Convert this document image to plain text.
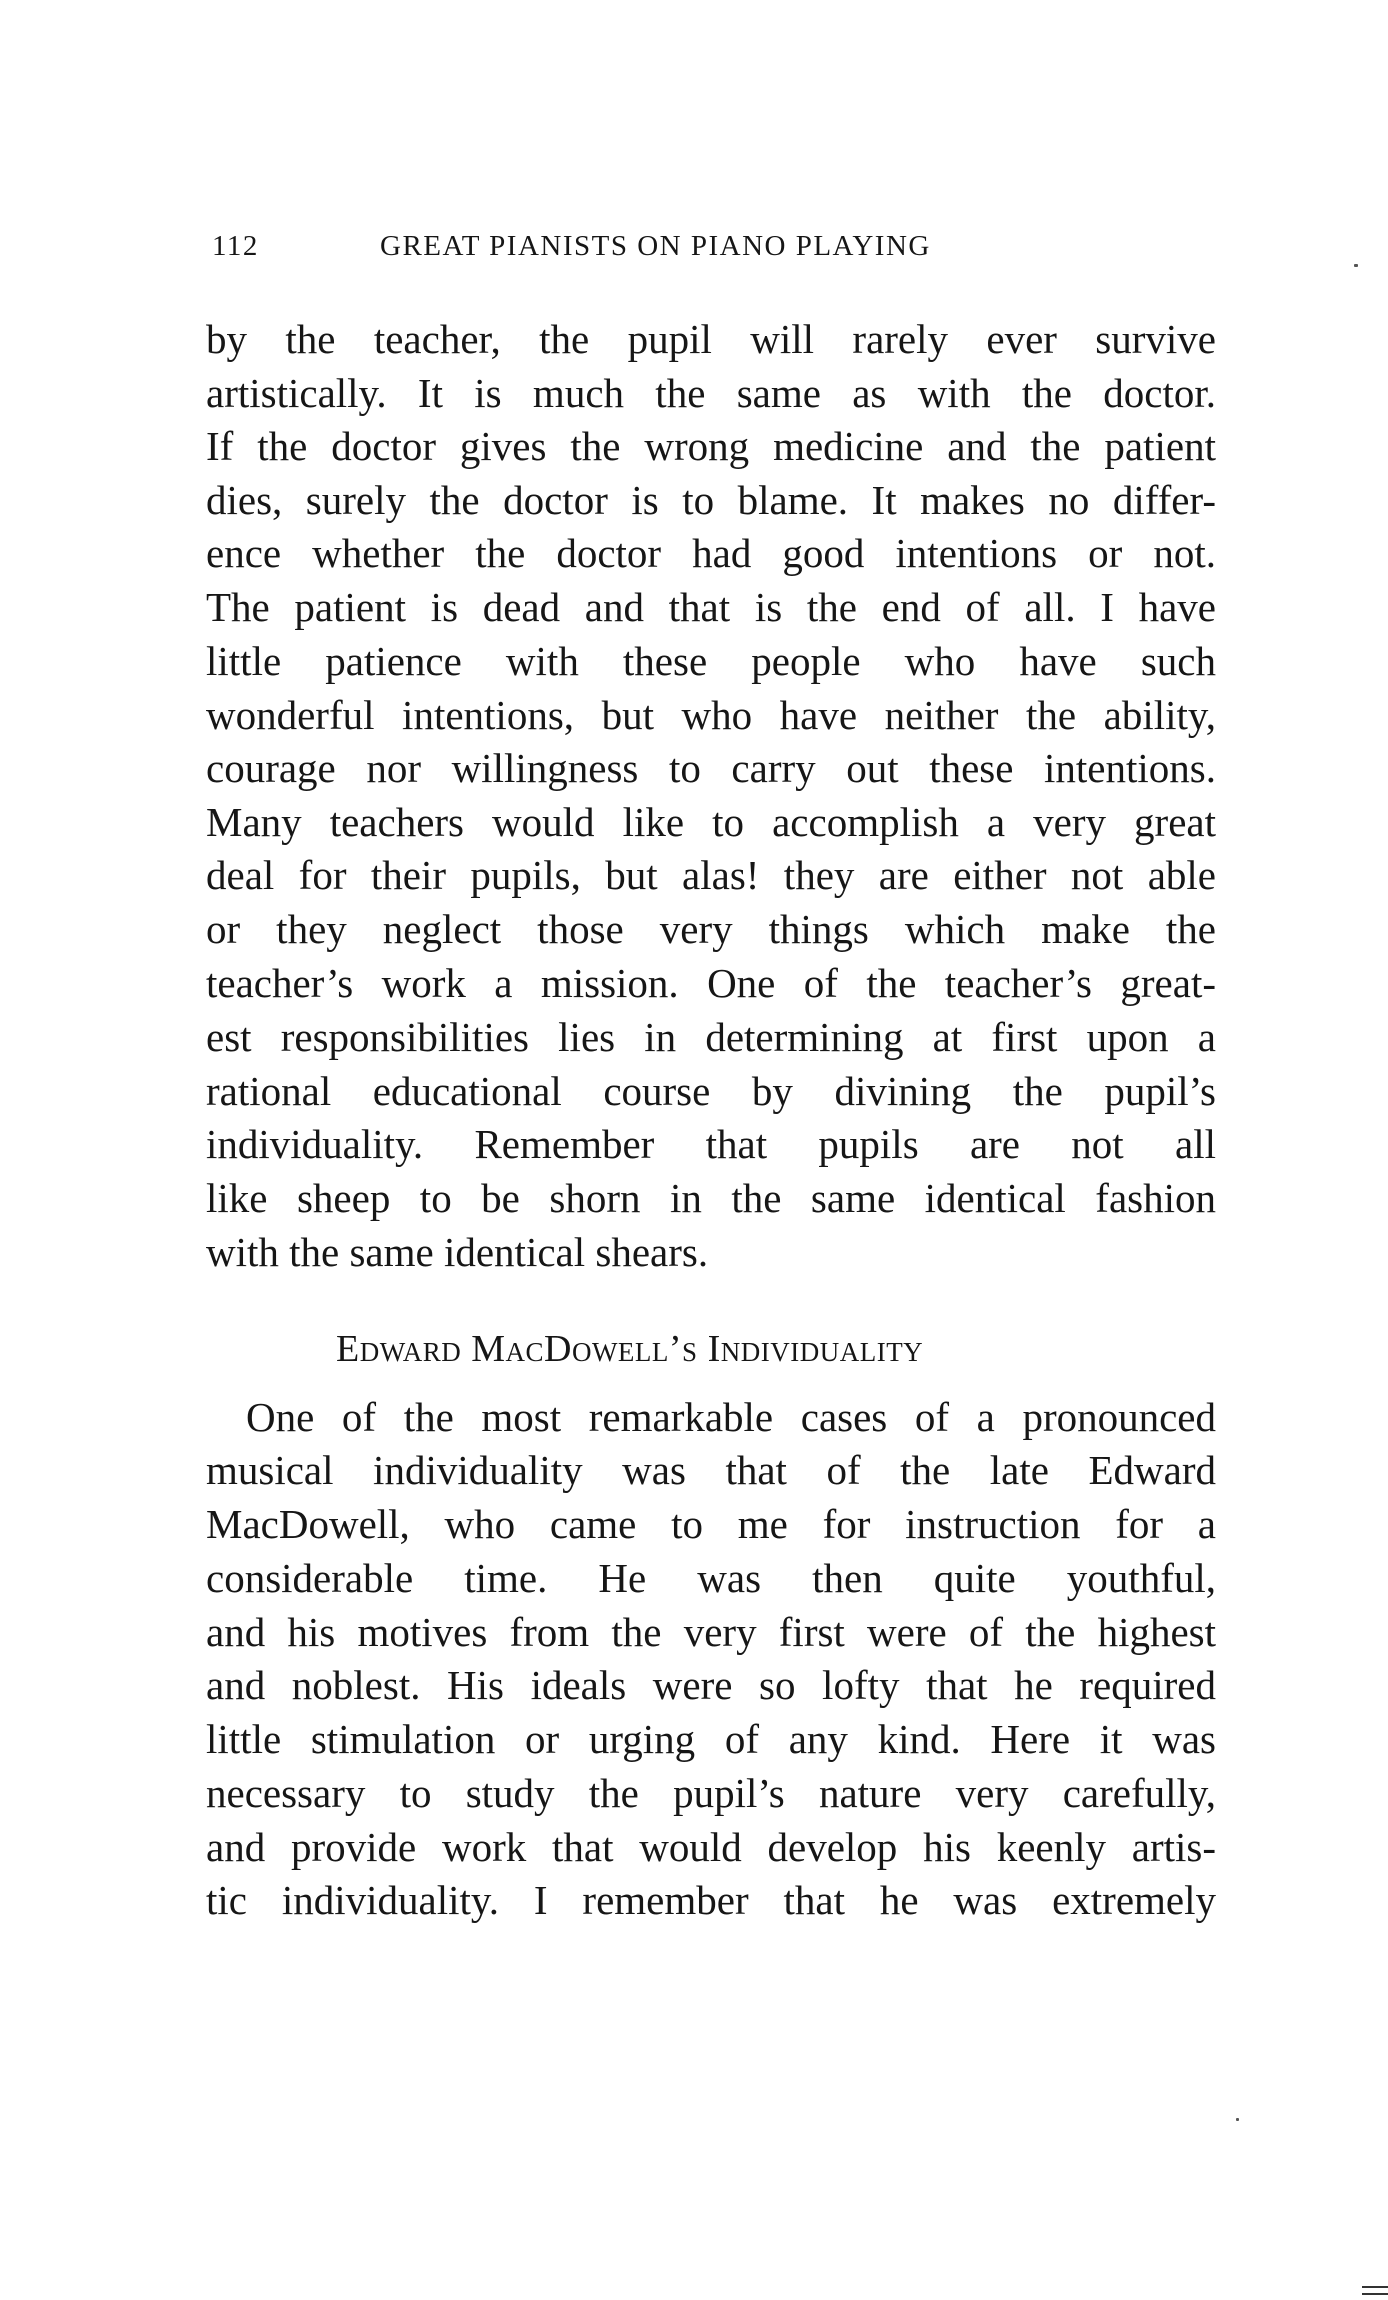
112	GREAT PIANISTS ON PIANO PLAYING
by the teacher, the pupil will rarely ever survive
artistically. It is much the same as with the doctor.
If the doctor gives the wrong medicine and the patient
dies, surely the doctor is to blame. It makes no differ-
ence whether the doctor had good intentions or not.
The patient is dead and that is the end of all. I have
little patience with these people who have such
wonderful intentions, but who have neither the ability,
courage nor willingness to carry out these intentions.
Many teachers would like to accomplish a very great
deal for their pupils, but alas! they are either not able
or they neglect those very things which make the
teacher’s work a mission. One of the teacher’s great-
est responsibilities lies in determining at first upon a
rational educational course by divining the pupil’s
individuality. Remember that pupils are not all
like sheep to be shorn in the same identical fashion
with the same identical shears.
Edward MacDowell’s Individuality
One of the most remarkable cases of a pronounced
musical individuality was that of the late Edward
MacDowell, who came to me for instruction for a
considerable time. He was then quite youthful,
and his motives from the very first were of the highest
and noblest. His ideals were so lofty that he required
little stimulation or urging of any kind. Here it was
necessary to study the pupil’s nature very carefully,
and provide work that would develop his keenly artis-
tic individuality. I remember that he was extremely
